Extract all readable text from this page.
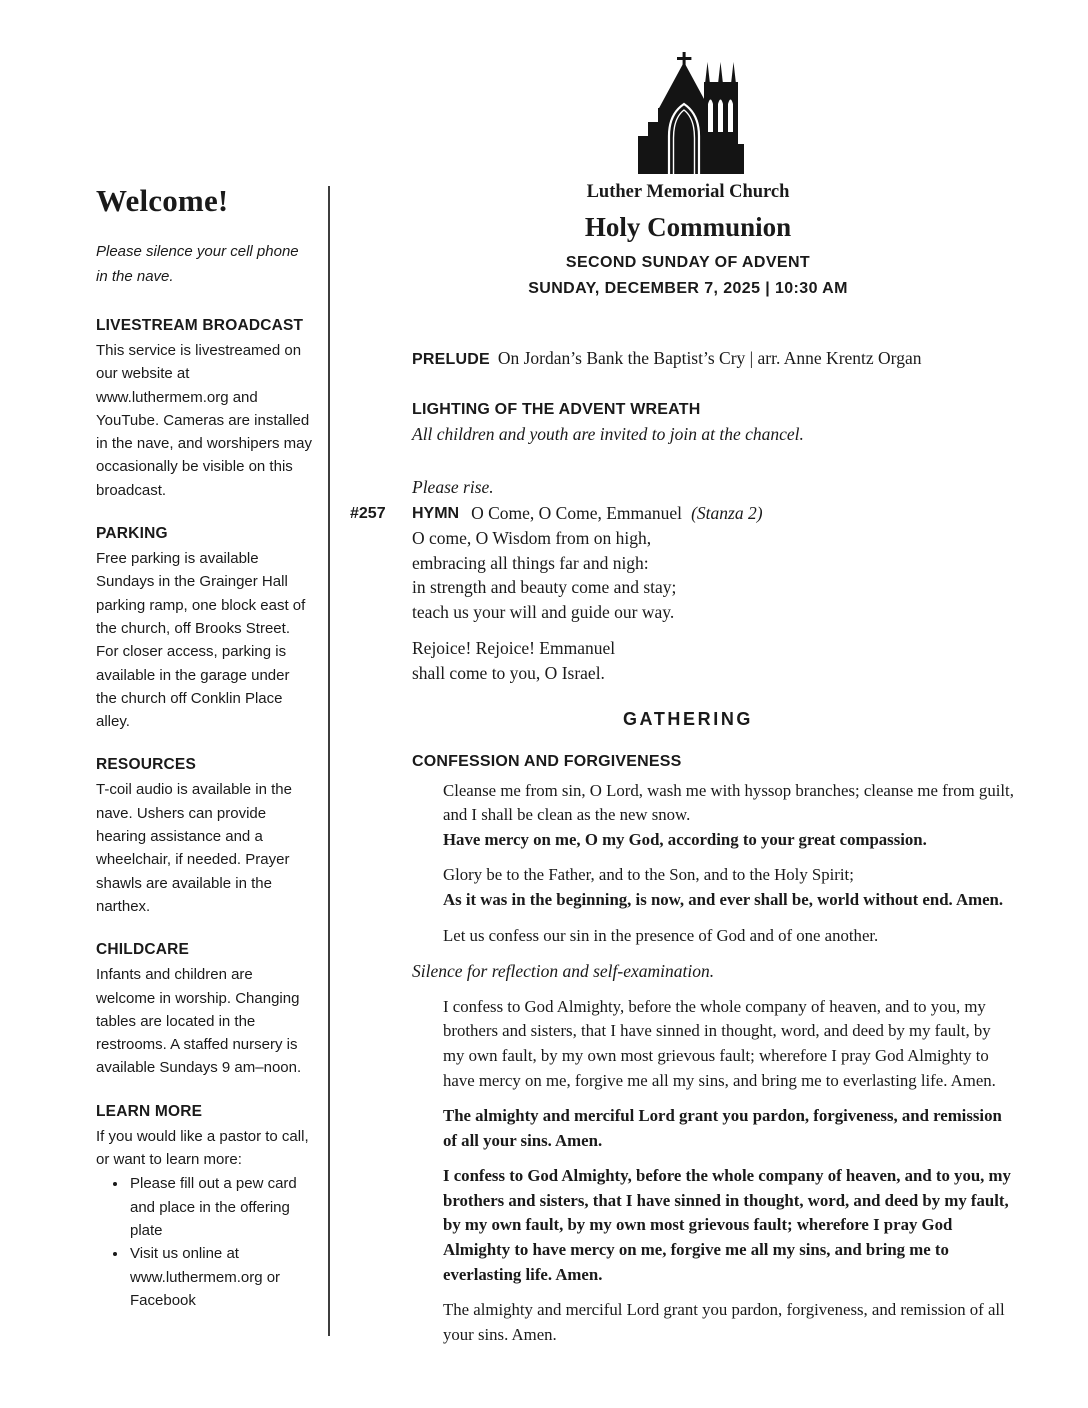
Welcome!

Please silence your cell phone in the nave.

LIVESTREAM BROADCAST

This service is livestreamed on our website at www.luthermem.org and YouTube. Cameras are installed in the nave, and worshipers may occasionally be visible on this broadcast.

PARKING

Free parking is available Sundays in the Grainger Hall parking ramp, one block east of the church, off Brooks Street. For closer access, parking is available in the garage under the church off Conklin Place alley.

RESOURCES

T-coil audio is available in the nave. Ushers can provide hearing assistance and a wheelchair, if needed. Prayer shawls are available in the narthex.

CHILDCARE

Infants and children are welcome in worship. Changing tables are located in the restrooms. A staffed nursery is available Sundays 9 am–noon.

LEARN MORE

If you would like a pastor to call, or want to learn more:

• Please fill out a pew card and place in the offering plate
• Visit us online at www.luthermem.org or Facebook

Luther Memorial Church

Holy Communion

SECOND SUNDAY OF ADVENT

SUNDAY, DECEMBER 7, 2025 | 10:30 AM

PRELUDE On Jordan’s Bank the Baptist’s Cry | arr. Anne Krentz Organ
LIGHTING OF THE ADVENT WREATH

All children and youth are invited to join at the chancel.

Please rise.
#257	HYMN O Come, O Come, Emmanuel (Stanza 2)
O come, O Wisdom from on high,
embracing all things far and nigh:
in strength and beauty come and stay;
teach us your will and guide our way.
Rejoice! Rejoice! Emmanuel
shall come to you, O Israel.
GATHERING
CONFESSION AND FORGIVENESS

Cleanse me from sin, O Lord, wash me with hyssop branches; cleanse me from guilt, and I shall be clean as the new snow.

Have mercy on me, O my God, according to your great compassion.

Glory be to the Father, and to the Son, and to the Holy Spirit;

As it was in the beginning, is now, and ever shall be, world without end. Amen.

Let us confess our sin in the presence of God and of one another.

Silence for reflection and self-examination.

I confess to God Almighty, before the whole company of heaven, and to you, my brothers and sisters, that I have sinned in thought, word, and deed by my fault, by my own fault, by my own most grievous fault; wherefore I pray God Almighty to have mercy on me, forgive me all my sins, and bring me to everlasting life. Amen.

The almighty and merciful Lord grant you pardon, forgiveness, and remission of all your sins. Amen.

I confess to God Almighty, before the whole company of heaven, and to you, my brothers and sisters, that I have sinned in thought, word, and deed by my fault, by my own fault, by my own most grievous fault; wherefore I pray God Almighty to have mercy on me, forgive me all my sins, and bring me to everlasting life. Amen.

The almighty and merciful Lord grant you pardon, forgiveness, and remission of all your sins. Amen.
